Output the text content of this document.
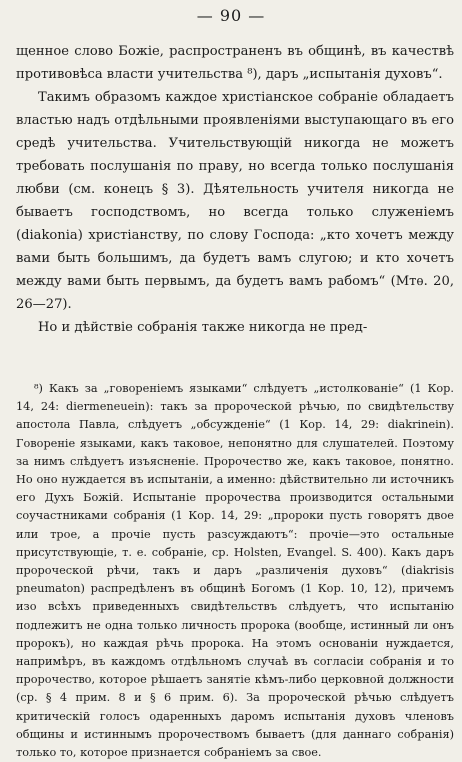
— 90 —

щенное слово Божіе, распространенъ въ общинѣ, въ качествѣ противовѣса власти учительства ⁸), даръ „испытанія духовъ“.

Такимъ образомъ каждое христіанское собраніе обладаетъ властью надъ отдѣльными проявленіями выступающаго въ его средѣ учительства. Учительствующій никогда не можетъ требовать послушанія по праву, но всегда только послушанія любви (см. конецъ § 3). Дѣятельность учителя никогда не бываетъ господствомъ, но всегда только служеніемъ (diakonia) христіанству, по слову Господа: „кто хочетъ между вами быть большимъ, да будетъ вамъ слугою; и кто хочетъ между вами быть первымъ, да будетъ вамъ рабомъ“ (Мтѳ. 20, 26—27).

Но и дѣйствіе собранія также никогда не пред-

⁸) Какъ за „говореніемъ языками“ слѣдуетъ „истолкованіе“ (1 Кор. 14, 24: diermeneuein): такъ за пророческой рѣчью, по свидѣтельству апостола Павла, слѣдуетъ „обсужденіе“ (1 Кор. 14, 29: diakrinein). Говореніе языками, какъ таковое, непонятно для слушателей. Поэтому за нимъ слѣдуетъ изъясненіе. Пророчество же, какъ таковое, понятно. Но оно нуждается въ испытаніи, а именно: дѣйствительно ли источникъ его Духъ Божій. Испытаніе пророчества производится остальными соучастниками собранія (1 Кор. 14, 29: „пророки пусть говорятъ двое или трое, а прочіе пусть разсуждаютъ“: прочіе—это остальные присутствующіе, т. е. собраніе, ср. Holsten, Evangel. S. 400). Какъ даръ пророческой рѣчи, такъ и даръ „различенія духовъ“ (diakrisis pneumaton) распредѣленъ въ общинѣ Богомъ (1 Кор. 10, 12), причемъ изо всѣхъ приведенныхъ свидѣтельствъ слѣдуетъ, что испытанію подлежитъ не одна только личность пророка (вообще, истинный ли онъ пророкъ), но каждая рѣчь пророка. На этомъ основаніи нуждается, напримѣръ, въ каждомъ отдѣльномъ случаѣ въ согласіи собранія и то пророчество, которое рѣшаетъ занятіе кѣмъ-либо церковной должности (ср. § 4 прим. 8 и § 6 прим. 6). За пророческой рѣчью слѣдуетъ критическій голосъ одаренныхъ даромъ испытанія духовъ членовъ общины и истиннымъ пророчествомъ бываетъ (для даннаго собранія) только то, которое признается собраніемъ за свое.
